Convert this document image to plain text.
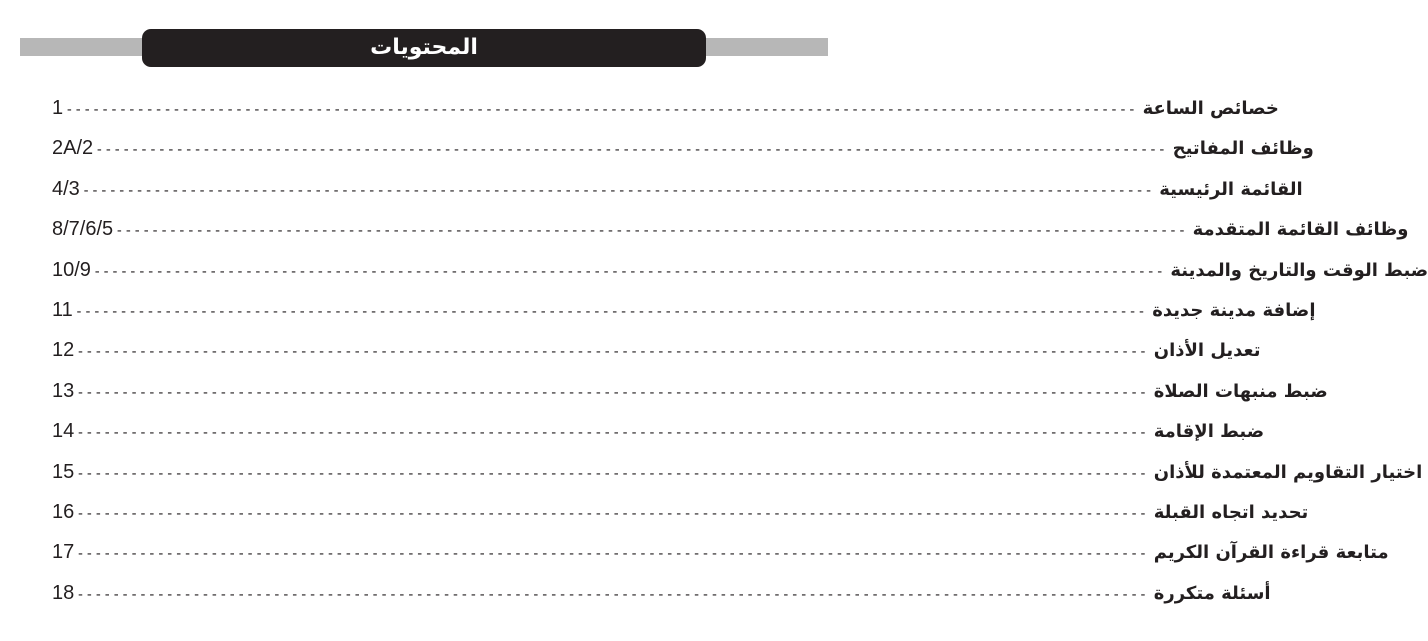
المحتويات
1 ------------------------------------------------------------------------------------------------------------------------ خصائص الساعة
2A/2 ------------------------------------------------------------------------------------------------------------------------ وظائف المفاتيح
4/3 ------------------------------------------------------------------------------------------------------------------------ القائمة الرئيسية
8/7/6/5 ------------------------------------------------------------------------------------------------------------------------ وظائف القائمة المتقدمة
10/9 ------------------------------------------------------------------------------------------------------------------------ ضبط الوقت والتاريخ والمدينة
11 ------------------------------------------------------------------------------------------------------------------------ إضافة مدينة جديدة
12 ------------------------------------------------------------------------------------------------------------------------ تعديل الأذان
13 ------------------------------------------------------------------------------------------------------------------------ ضبط منبهات الصلاة
14 ------------------------------------------------------------------------------------------------------------------------ ضبط الإقامة
15 ------------------------------------------------------------------------------------------------------------------------ اختيار التقاويم المعتمدة للأذان
16 ------------------------------------------------------------------------------------------------------------------------ تحديد اتجاه القبلة
17 ------------------------------------------------------------------------------------------------------------------------ متابعة قراءة القرآن الكريم
18 ------------------------------------------------------------------------------------------------------------------------ أسئلة متكررة
